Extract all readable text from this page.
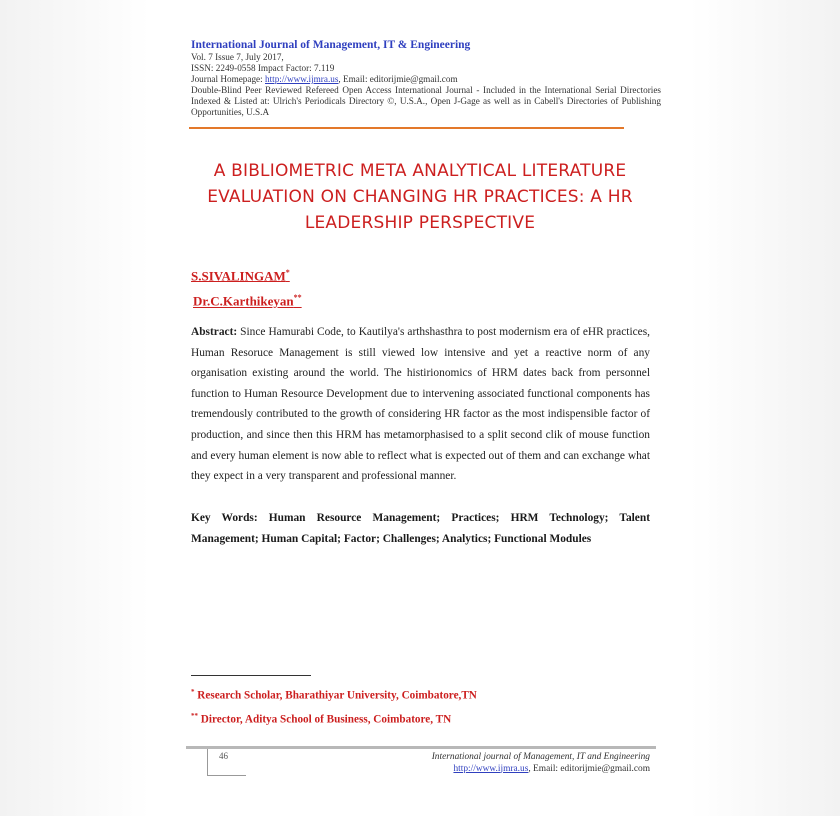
International Journal of Management, IT & Engineering
Vol. 7 Issue 7, July 2017,
ISSN: 2249-0558 Impact Factor: 7.119
Journal Homepage: http://www.ijmra.us, Email: editorijmie@gmail.com
Double-Blind Peer Reviewed Refereed Open Access International Journal - Included in the International Serial Directories Indexed & Listed at: Ulrich's Periodicals Directory ©, U.S.A., Open J-Gage as well as in Cabell's Directories of Publishing Opportunities, U.S.A
A BIBLIOMETRIC META ANALYTICAL LITERATURE
EVALUATION ON CHANGING HR PRACTICES: A HR
LEADERSHIP PERSPECTIVE
S.SIVALINGAM*
Dr.C.Karthikeyan**
Abstract: Since Hamurabi Code, to Kautilya's arthshasthra to post modernism era of eHR practices, Human Resoruce Management is still viewed low intensive and yet a reactive norm of any organisation existing around the world. The histirionomics of HRM dates back from personnel function to Human Resource Development due to intervening associated functional components has tremendously contributed to the growth of considering HR factor as the most indispensible factor of production, and since then this HRM has metamorphasised to a split second clik of mouse function and every human element is now able to reflect what is expected out of them and can exchange what they expect in a very transparent and professional manner.
Key Words: Human Resource Management; Practices; HRM Technology; Talent Management; Human Capital; Factor; Challenges; Analytics; Functional Modules
* Research Scholar, Bharathiyar University, Coimbatore,TN
** Director, Aditya School of Business, Coimbatore, TN
46	International journal of Management, IT and Engineering
http://www.ijmra.us, Email: editorijmie@gmail.com
